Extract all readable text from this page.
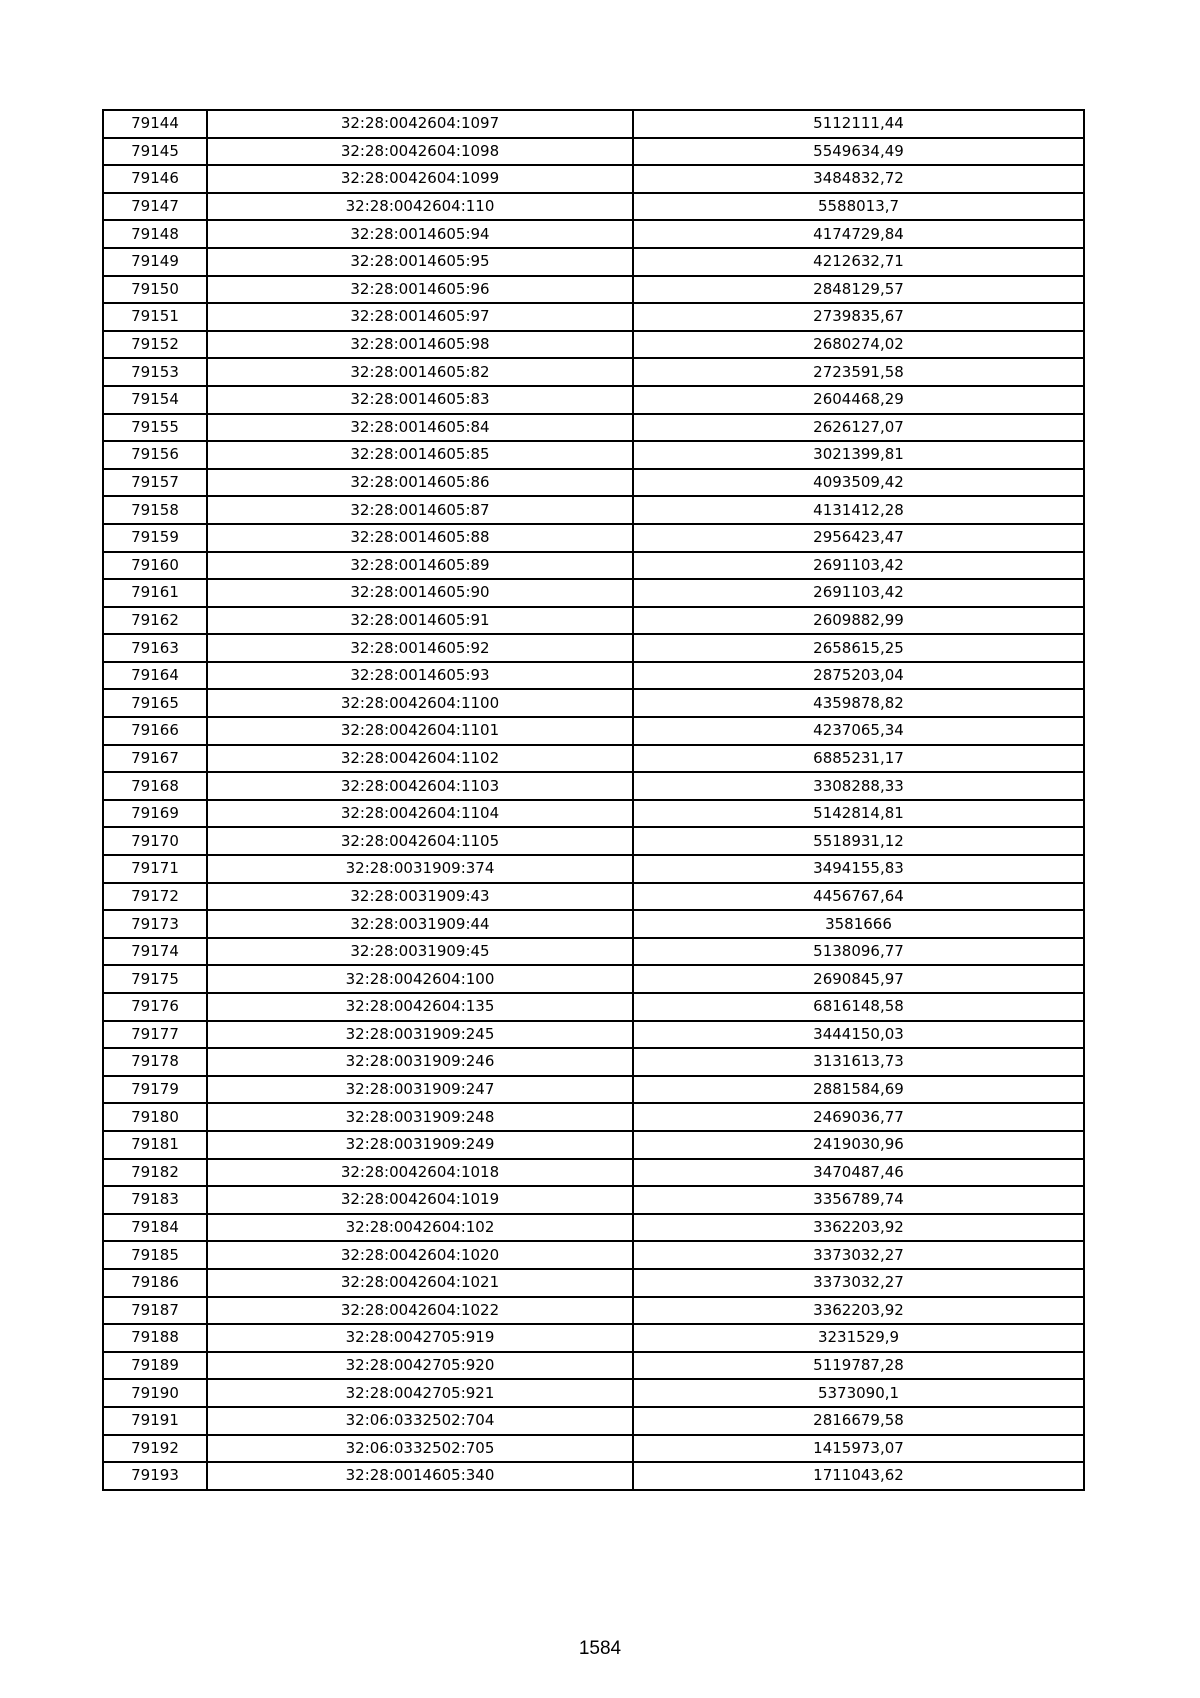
79144	32:28:0042604:1097	5112111,44
79145	32:28:0042604:1098	5549634,49
79146	32:28:0042604:1099	3484832,72
79147	32:28:0042604:110	5588013,7
79148	32:28:0014605:94	4174729,84
79149	32:28:0014605:95	4212632,71
79150	32:28:0014605:96	2848129,57
79151	32:28:0014605:97	2739835,67
79152	32:28:0014605:98	2680274,02
79153	32:28:0014605:82	2723591,58
79154	32:28:0014605:83	2604468,29
79155	32:28:0014605:84	2626127,07
79156	32:28:0014605:85	3021399,81
79157	32:28:0014605:86	4093509,42
79158	32:28:0014605:87	4131412,28
79159	32:28:0014605:88	2956423,47
79160	32:28:0014605:89	2691103,42
79161	32:28:0014605:90	2691103,42
79162	32:28:0014605:91	2609882,99
79163	32:28:0014605:92	2658615,25
79164	32:28:0014605:93	2875203,04
79165	32:28:0042604:1100	4359878,82
79166	32:28:0042604:1101	4237065,34
79167	32:28:0042604:1102	6885231,17
79168	32:28:0042604:1103	3308288,33
79169	32:28:0042604:1104	5142814,81
79170	32:28:0042604:1105	5518931,12
79171	32:28:0031909:374	3494155,83
79172	32:28:0031909:43	4456767,64
79173	32:28:0031909:44	3581666
79174	32:28:0031909:45	5138096,77
79175	32:28:0042604:100	2690845,97
79176	32:28:0042604:135	6816148,58
79177	32:28:0031909:245	3444150,03
79178	32:28:0031909:246	3131613,73
79179	32:28:0031909:247	2881584,69
79180	32:28:0031909:248	2469036,77
79181	32:28:0031909:249	2419030,96
79182	32:28:0042604:1018	3470487,46
79183	32:28:0042604:1019	3356789,74
79184	32:28:0042604:102	3362203,92
79185	32:28:0042604:1020	3373032,27
79186	32:28:0042604:1021	3373032,27
79187	32:28:0042604:1022	3362203,92
79188	32:28:0042705:919	3231529,9
79189	32:28:0042705:920	5119787,28
79190	32:28:0042705:921	5373090,1
79191	32:06:0332502:704	2816679,58
79192	32:06:0332502:705	1415973,07
79193	32:28:0014605:340	1711043,62
1584
